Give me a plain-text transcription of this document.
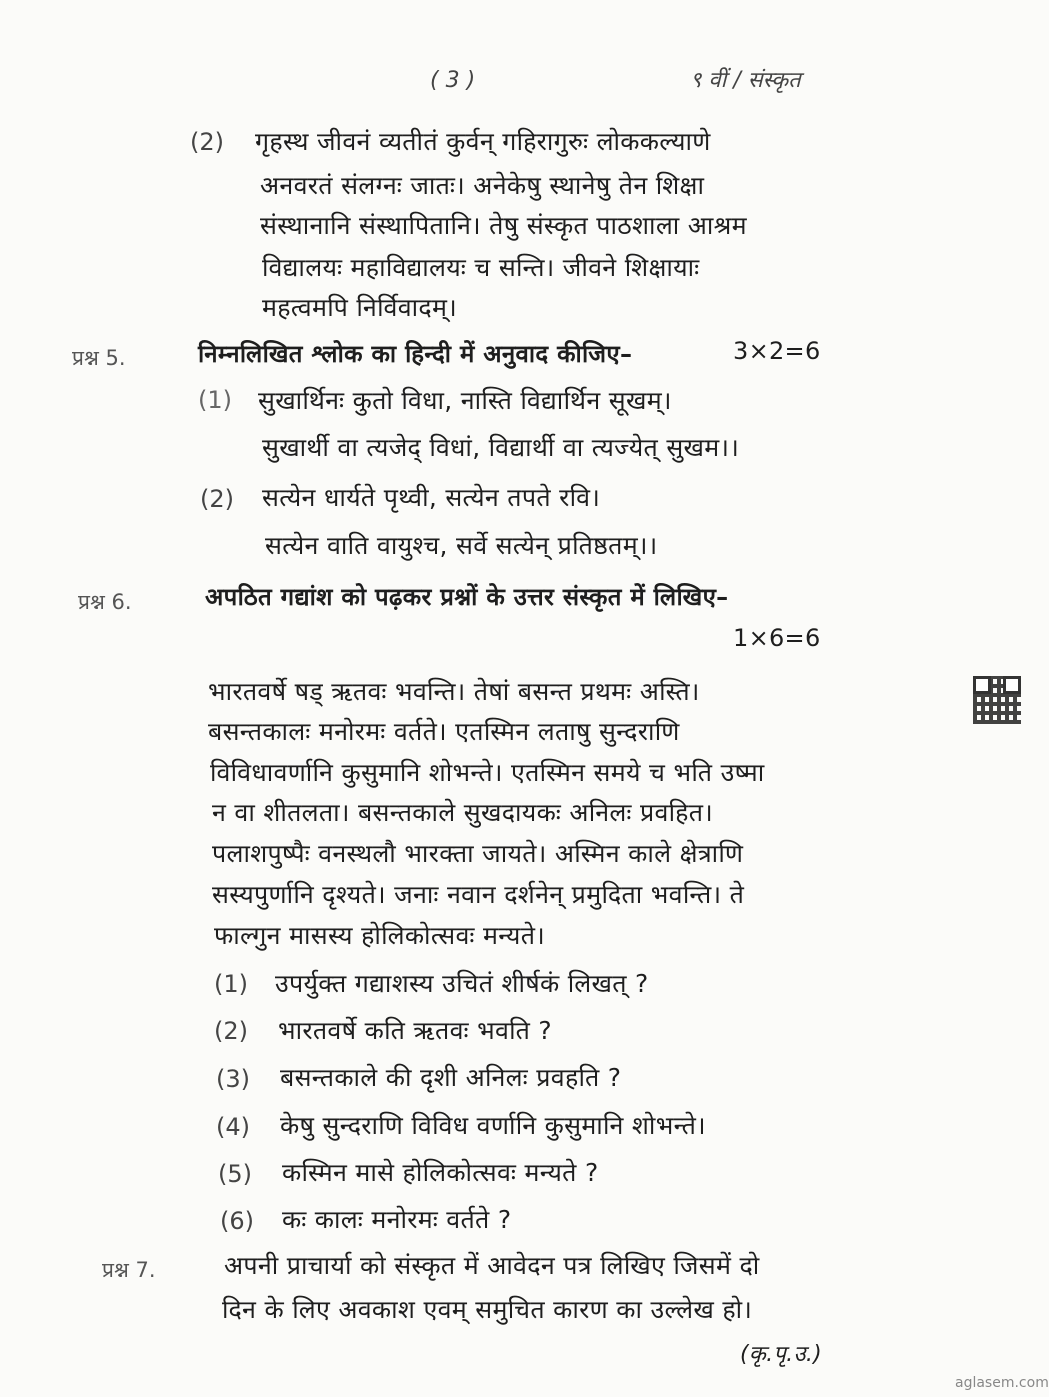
( 3 )	९ वीं / संस्कृत
(2) गृहस्थ जीवनं व्यतीतं कुर्वन् गहिरागुरुः लोककल्याणे
अनवरतं संलग्नः जातः। अनेकेषु स्थानेषु तेन शिक्षा
संस्थानानि संस्थापितानि। तेषु संस्कृत पाठशाला आश्रम
विद्यालयः महाविद्यालयः च सन्ति। जीवने शिक्षायाः
महत्वमपि निर्विवादम्।
प्रश्न 5.	निम्नलिखित श्लोक का हिन्दी में अनुवाद कीजिए–	3×2=6
(1) सुखार्थिनः कुतो विधा, नास्ति विद्यार्थिन सूखम्।
सुखार्थी वा त्यजेद् विधां, विद्यार्थी वा त्यज्येत् सुखम।।
(2) सत्येन धार्यते पृथ्वी, सत्येन तपते रवि।
सत्येन वाति वायुश्च, सर्वे सत्येन् प्रतिष्ठतम्।।
प्रश्न 6.	अपठित गद्यांश को पढ़कर प्रश्नों के उत्तर संस्कृत में लिखिए–
1×6=6
भारतवर्षे षड् ऋतवः भवन्ति। तेषां बसन्त प्रथमः अस्ति।
बसन्तकालः मनोरमः वर्तते। एतस्मिन लताषु सुन्दराणि
विविधावर्णानि कुसुमानि शोभन्ते। एतस्मिन समये च भति उष्मा
न वा शीतलता। बसन्तकाले सुखदायकः अनिलः प्रवहित।
पलाशपुष्पैः वनस्थलौ भारक्ता जायते। अस्मिन काले क्षेत्राणि
सस्यपुर्णानि दृश्यते। जनाः नवान दर्शनेन् प्रमुदिता भवन्ति। ते
फाल्गुन मासस्य होलिकोत्सवः मन्यते।
(1) उपर्युक्त गद्याशस्य उचितं शीर्षकं लिखत् ?
(2) भारतवर्षे कति ऋतवः भवति ?
(3) बसन्तकाले की दृशी अनिलः प्रवहति ?
(4) केषु सुन्दराणि विविध वर्णानि कुसुमानि शोभन्ते।
(5) कस्मिन मासे होलिकोत्सवः मन्यते ?
(6) कः कालः मनोरमः वर्तते ?
प्रश्न 7.	अपनी प्राचार्या को संस्कृत में आवेदन पत्र लिखिए जिसमें दो
दिन के लिए अवकाश एवम् समुचित कारण का उल्लेख हो।
(कृ.पृ.उ.)
aglasem.com
